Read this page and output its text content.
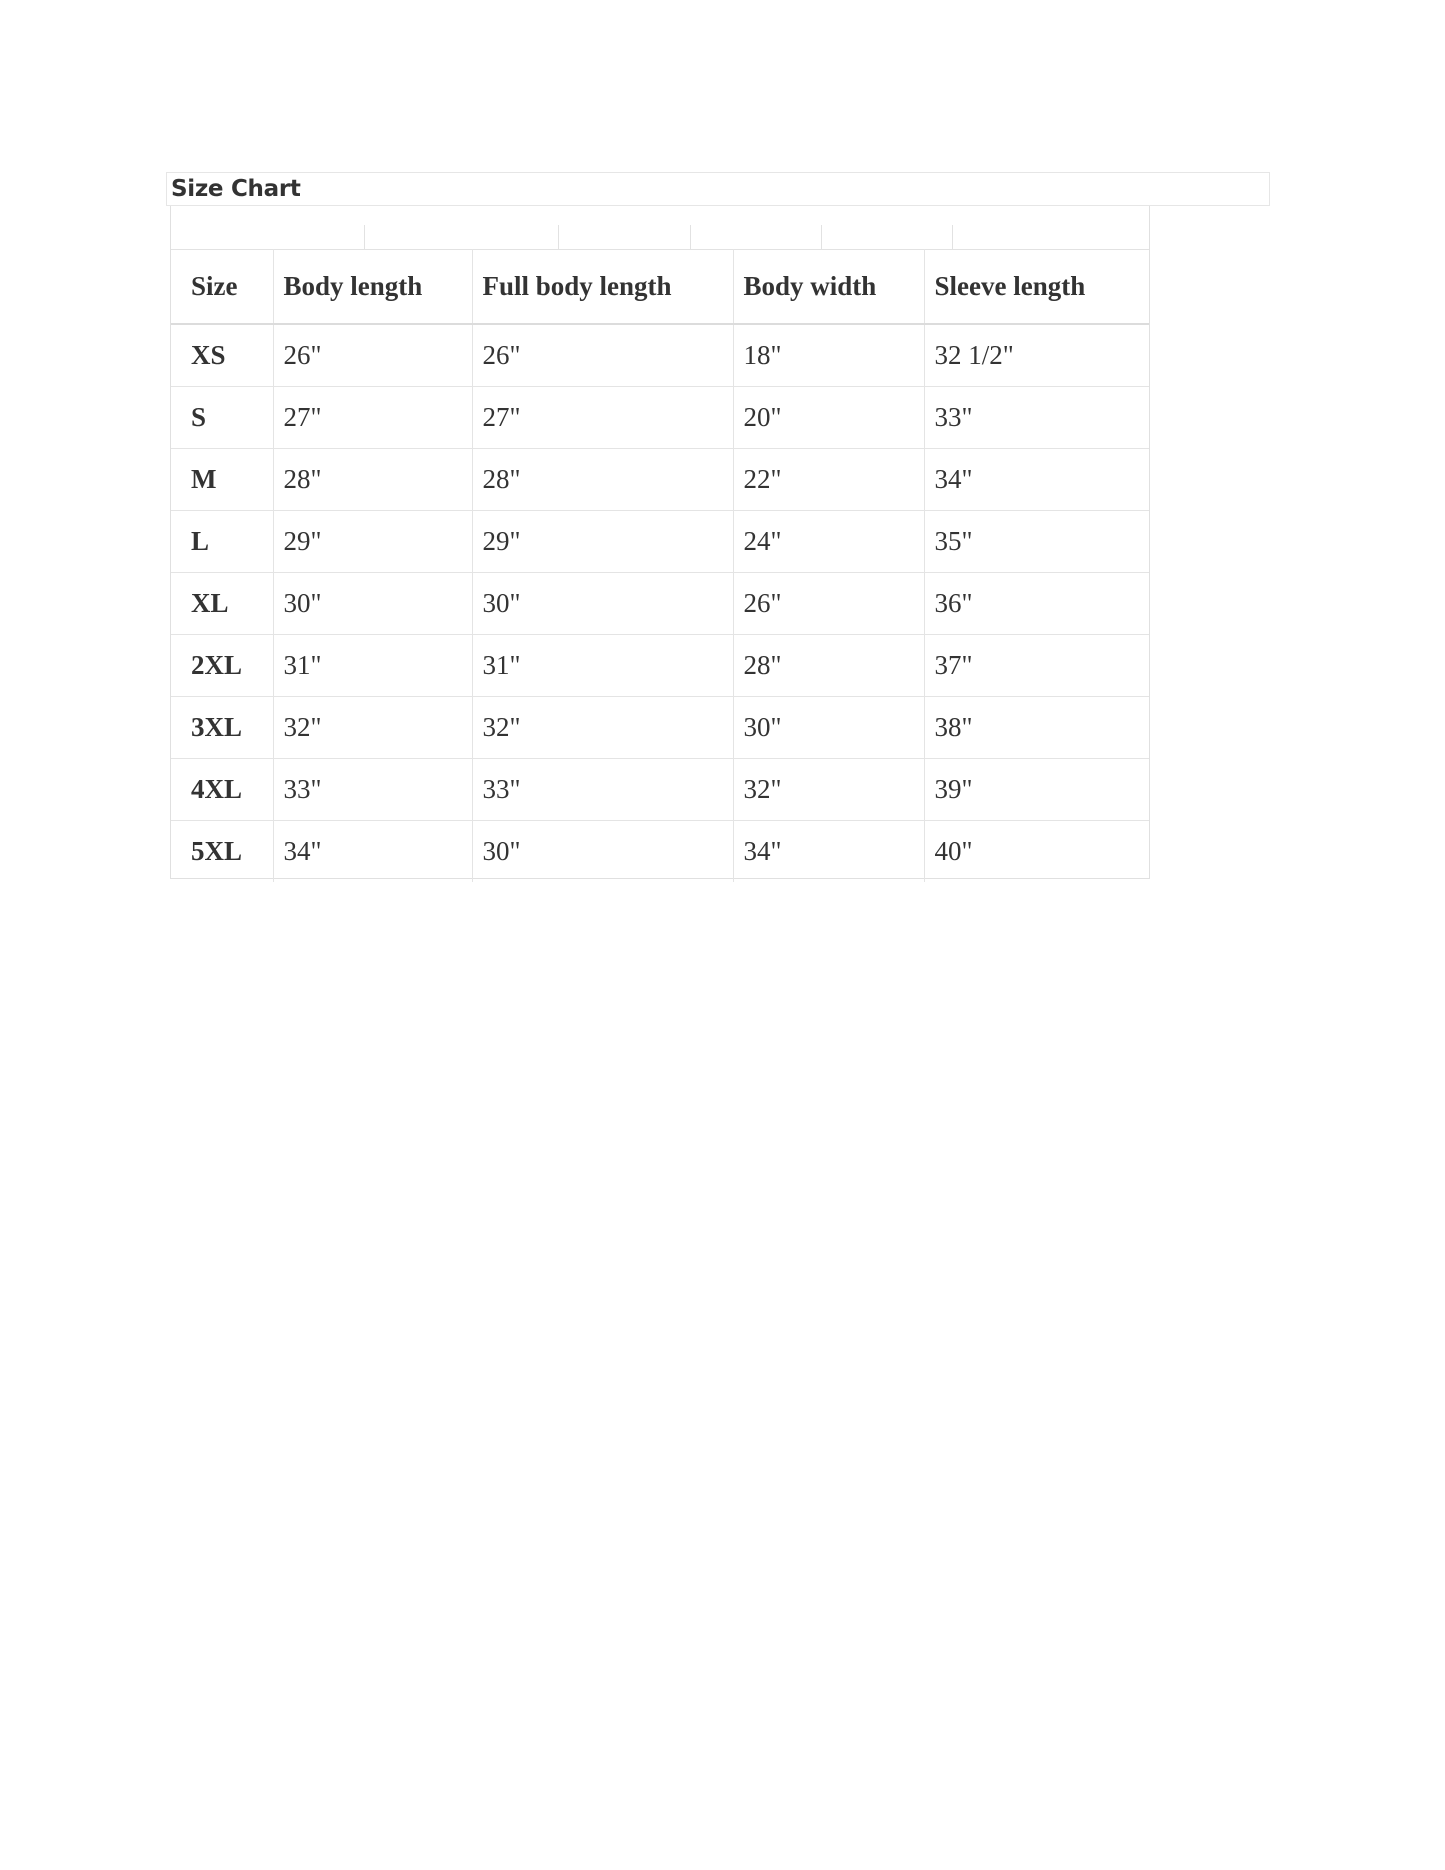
Size Chart
Size	Body length	Full body length	Body width	Sleeve length
XS	26"	26"	18"	32 1/2"
S	27"	27"	20"	33"
M	28"	28"	22"	34"
L	29"	29"	24"	35"
XL	30"	30"	26"	36"
2XL	31"	31"	28"	37"
3XL	32"	32"	30"	38"
4XL	33"	33"	32"	39"
5XL	34"	30"	34"	40"
